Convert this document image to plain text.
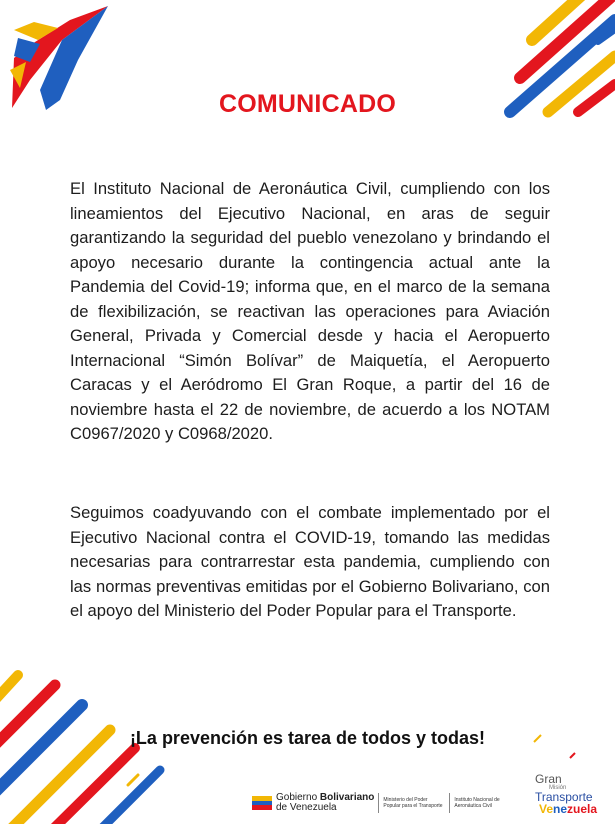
COMUNICADO
El Instituto Nacional de Aeronáutica Civil, cumpliendo con los lineamientos del Ejecutivo Nacional, en aras de seguir garantizando la seguridad del pueblo venezolano y brindando el apoyo necesario durante la contingencia actual ante la Pandemia del Covid-19; informa que, en el marco de la semana de flexibilización, se reactivan las operaciones para Aviación General, Privada y Comercial desde y hacia el Aeropuerto Internacional “Simón Bolívar” de Maiquetía, el Aeropuerto Caracas y el Aeródromo El Gran Roque, a partir del 16 de noviembre hasta el 22 de noviembre, de acuerdo a los NOTAM C0967/2020 y C0968/2020.
Seguimos coadyuvando con el combate implementado por el Ejecutivo Nacional contra el COVID-19, tomando las medidas necesarias para contrarrestar esta pandemia, cumpliendo con las normas preventivas emitidas por el Gobierno Bolivariano, con el apoyo del Ministerio del Poder Popular para el Transporte.
¡La prevención es tarea de todos y todas!
Gobierno Bolivariano
de Venezuela
Ministerio del Poder Popular para el Transporte
Instituto Nacional de Aeronáutica Civil
Gran
Misión
Transporte
Venezuela
